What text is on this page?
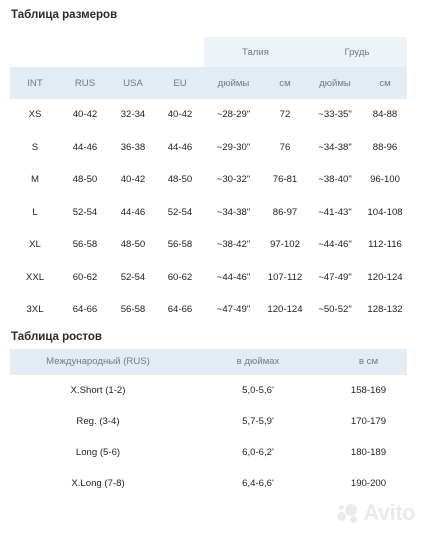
Таблица размеров
				Талия		Грудь	
INT	RUS	USA	EU	дюймы	см	дюймы	см
XS	40-42	32-34	40-42	~28-29"	72	~33-35"	84-88
S	44-46	36-38	44-46	~29-30"	76	~34-38"	88-96
M	48-50	40-42	48-50	~30-32"	76-81	~38-40"	96-100
L	52-54	44-46	52-54	~34-38"	86-97	~41-43"	104-108
XL	56-58	48-50	56-58	~38-42"	97-102	~44-46"	112-116
XXL	60-62	52-54	60-62	~44-46"	107-112	~47-49"	120-124
3XL	64-66	56-58	64-66	~47-49"	120-124	~50-52"	128-132
Таблица ростов
Международный (RUS)	в дюймах	в см
X.Short (1-2)	5,0-5,6'	158-169
Reg. (3-4)	5,7-5,9'	170-179
Long (5-6)	6,0-6,2'	180-189
X.Long (7-8)	6,4-6,6'	190-200
Avito
